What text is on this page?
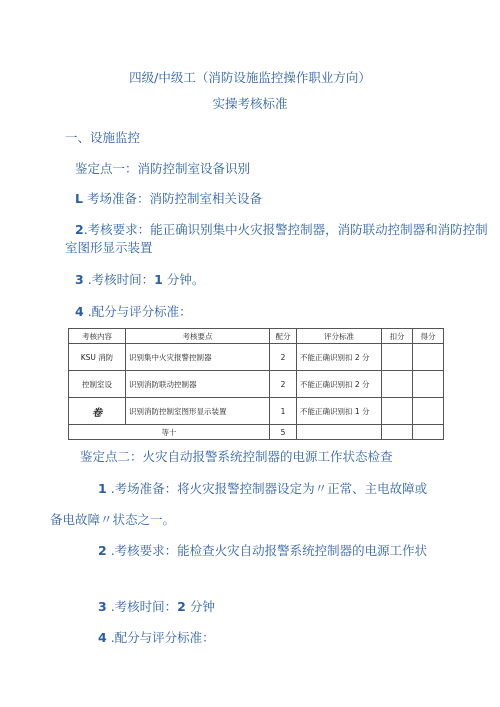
四级/中级工（消防设施监控操作职业方向）
实操考核标准
一、设施监控
鉴定点一：消防控制室设备识别
L 考场准备：消防控制室相关设备
2.考核要求：能正确识别集中火灾报警控制器，消防联动控制器和消防控制
室图形显示装置
3 .考核时间：1 分钟。
4 .配分与评分标准：
考核内容	考核要点	配分	评分标准	扣分	得分
KSU 消防	识别集中火灾报警控制器	2	不能正确识别扣 2 分		
控制室设	识别消防联动控制器	2	不能正确识别扣 2 分		
卷	识别消防控制室图形显示装置	1	不能正确识别扣 1 分		
等十		5			
鉴定点二：火灾自动报警系统控制器的电源工作状态检查
1 .考场准备：将火灾报警控制器设定为〃正常、主电故障或
备电故障〃状态之一。
2 .考核要求：能检查火灾自动报警系统控制器的电源工作状
3 .考核时间：2 分钟
4 .配分与评分标准：
